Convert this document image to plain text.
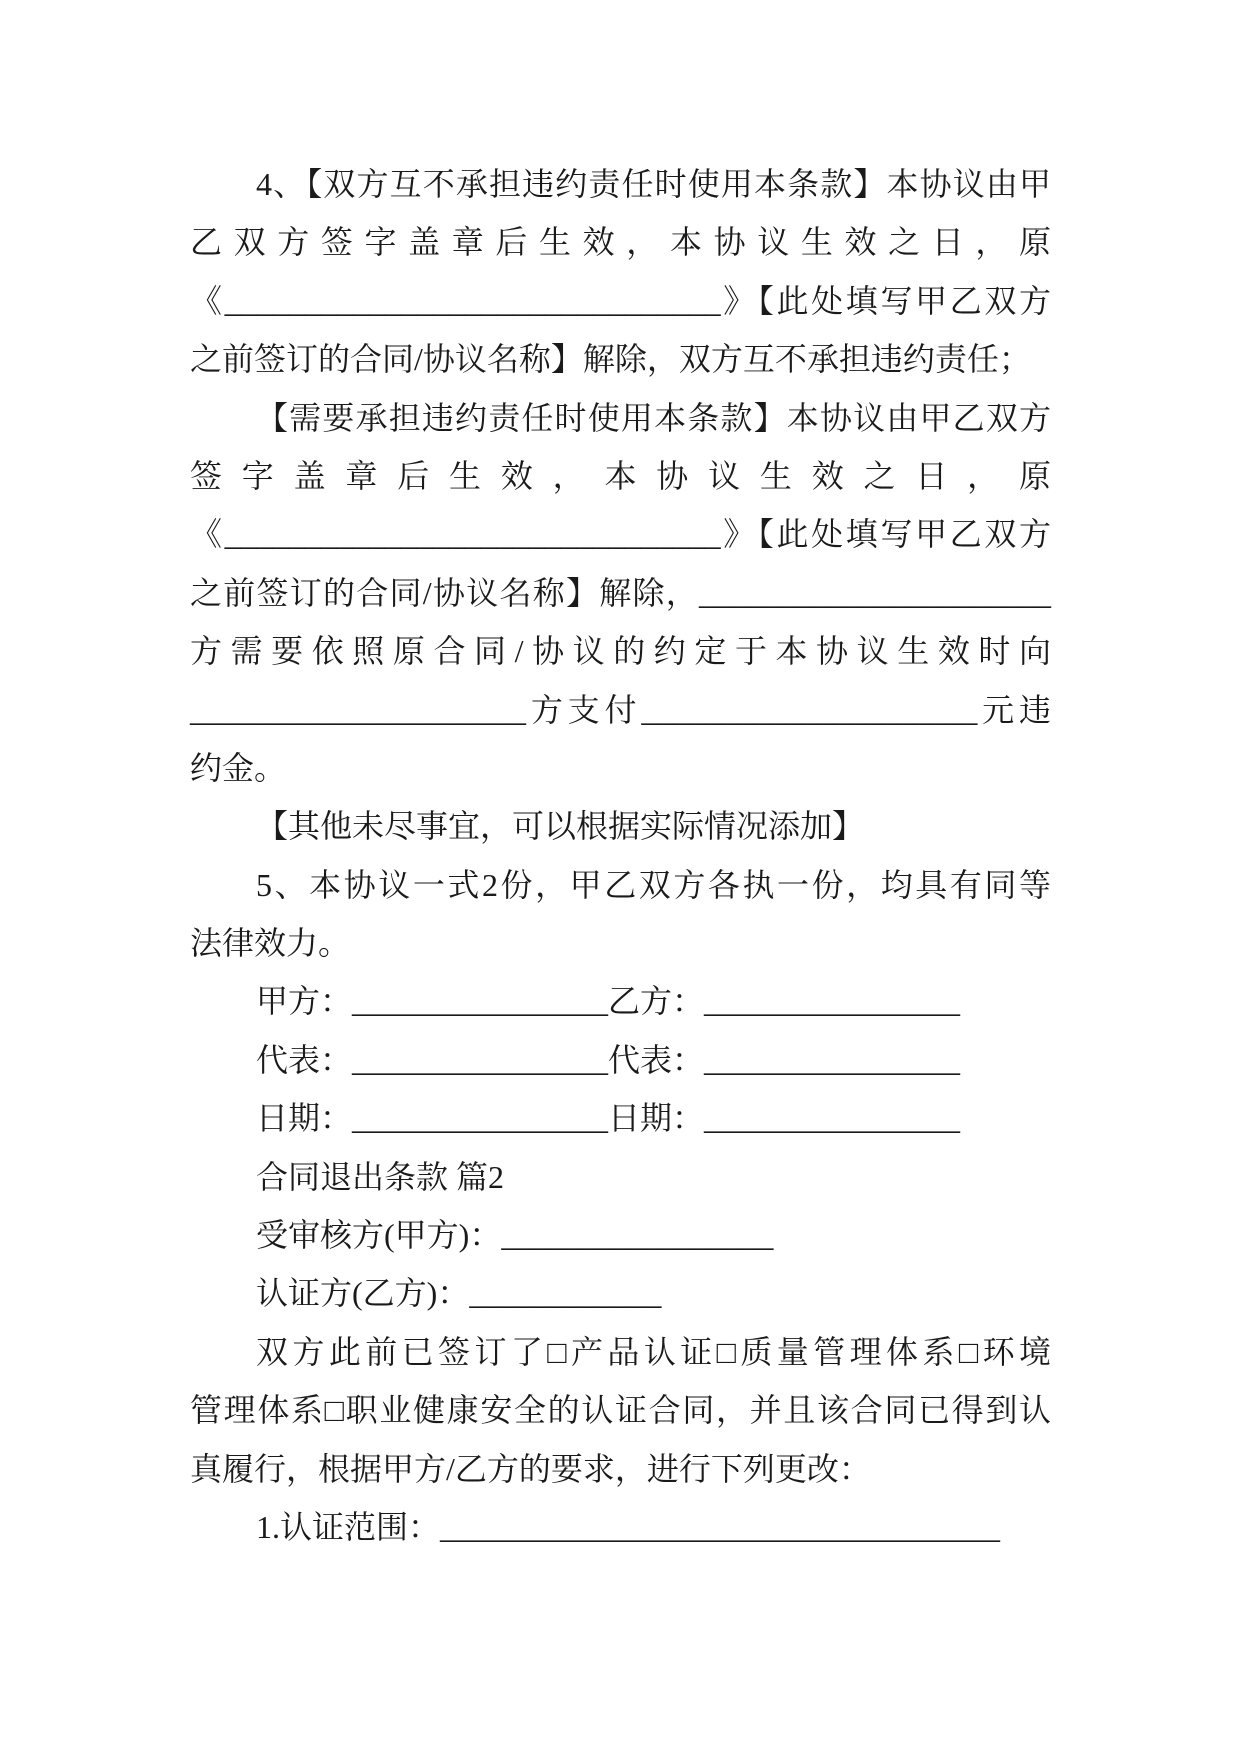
4、【双方互不承担违约责任时使用本条款】本协议由甲
乙双方签字盖章后生效，本协议生效之日，原
《_______________________________》【此处填写甲乙双方
之前签订的合同/协议名称】解除，双方互不承担违约责任；
【需要承担违约责任时使用本条款】本协议由甲乙双方
签字盖章后生效，本协议生效之日，原
《_______________________________》【此处填写甲乙双方
之前签订的合同/协议名称】解除，______________________
方需要依照原合同/协议的约定于本协议生效时向
_____________________方支付_____________________元违
约金。
【其他未尽事宜，可以根据实际情况添加】
5、本协议一式2份，甲乙双方各执一份，均具有同等
法律效力。
甲方：________________乙方：________________
代表：________________代表：________________
日期：________________日期：________________
合同退出条款 篇2
受审核方(甲方)：_________________
认证方(乙方)：____________
双方此前已签订了□产品认证□质量管理体系□环境
管理体系□职业健康安全的认证合同，并且该合同已得到认
真履行，根据甲方/乙方的要求，进行下列更改：
1.认证范围：___________________________________
